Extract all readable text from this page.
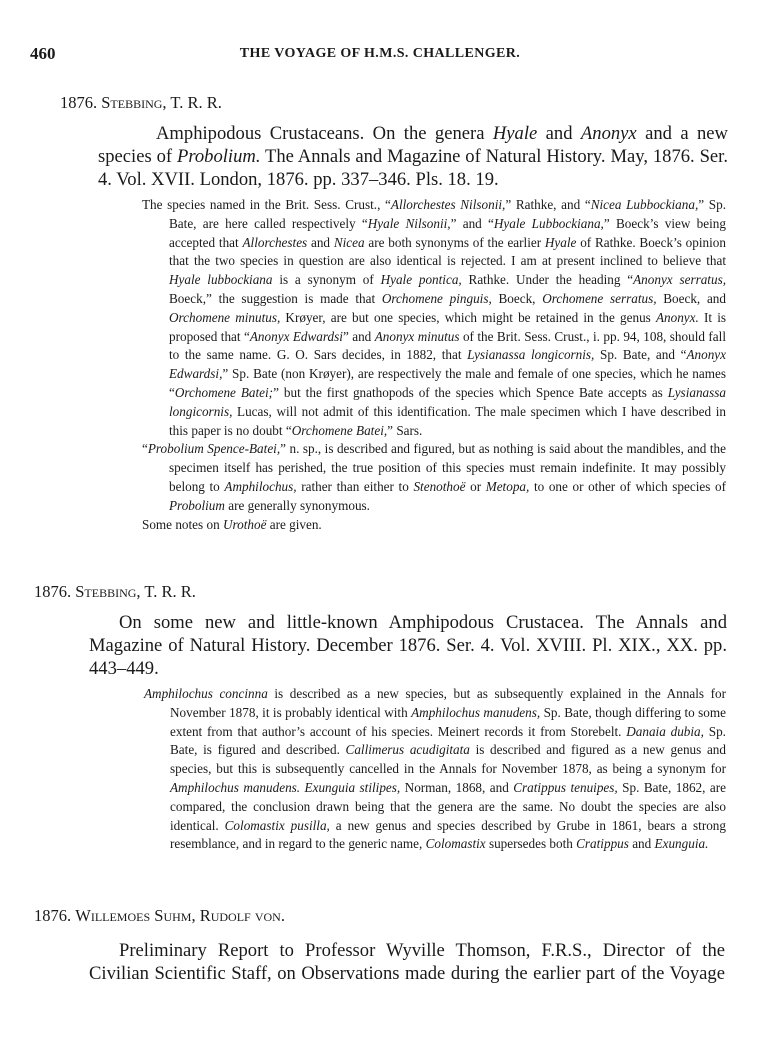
460	THE VOYAGE OF H.M.S. CHALLENGER.
1876. Stebbing, T. R. R.
Amphipodous Crustaceans. On the genera Hyale and Anonyx and a new species of Probolium. The Annals and Magazine of Natural History. May, 1876. Ser. 4. Vol. XVII. London, 1876. pp. 337–346. Pls. 18. 19.

The species named in the Brit. Sess. Crust., “Allorchestes Nilsonii,” Rathke, and “Nicea Lubbockiana,” Sp. Bate, are here called respectively “Hyale Nilsonii,” and “Hyale Lubbockiana,” Boeck’s view being accepted that Allorchestes and Nicea are both synonyms of the earlier Hyale of Rathke. Boeck’s opinion that the two species in question are also identical is rejected. I am at present inclined to believe that Hyale lubbockiana is a synonym of Hyale pontica, Rathke. Under the heading “Anonyx serratus, Boeck,” the suggestion is made that Orchomene pinguis, Boeck, Orchomene serratus, Boeck, and Orchomene minutus, Krøyer, are but one species, which might be retained in the genus Anonyx. It is proposed that “Anonyx Edwardsi” and Anonyx minutus of the Brit. Sess. Crust., i. pp. 94, 108, should fall to the same name. G. O. Sars decides, in 1882, that Lysianassa longicornis, Sp. Bate, and “Anonyx Edwardsi,” Sp. Bate (non Krøyer), are respectively the male and female of one species, which he names “Orchomene Batei;” but the first gnathopods of the species which Spence Bate accepts as Lysianassa longicornis, Lucas, will not admit of this identification. The male specimen which I have described in this paper is no doubt “Orchomene Batei,” Sars.

“Probolium Spence-Batei,” n. sp., is described and figured, but as nothing is said about the mandibles, and the specimen itself has perished, the true position of this species must remain indefinite. It may possibly belong to Amphilochus, rather than either to Stenothoë or Metopa, to one or other of which species of Probolium are generally synonymous.

Some notes on Urothoë are given.

1876. Stebbing, T. R. R.
On some new and little-known Amphipodous Crustacea. The Annals and Magazine of Natural History. December 1876. Ser. 4. Vol. XVIII. Pl. XIX., XX. pp. 443–449.

Amphilochus concinna is described as a new species, but as subsequently explained in the Annals for November 1878, it is probably identical with Amphilochus manudens, Sp. Bate, though differing to some extent from that author’s account of his species. Meinert records it from Storebelt. Danaia dubia, Sp. Bate, is figured and described. Callimerus acudigitata is described and figured as a new genus and species, but this is subsequently cancelled in the Annals for November 1878, as being a synonym for Amphilochus manudens. Exunguia stilipes, Norman, 1868, and Cratippus tenuipes, Sp. Bate, 1862, are compared, the conclusion drawn being that the genera are the same. No doubt the species are also identical. Colomastix pusilla, a new genus and species described by Grube in 1861, bears a strong resemblance, and in regard to the generic name, Colomastix supersedes both Cratippus and Exunguia.

1876. Willemoes Suhm, Rudolf von.
Preliminary Report to Professor Wyville Thomson, F.R.S., Director of the Civilian Scientific Staff, on Observations made during the earlier part of the Voyage
